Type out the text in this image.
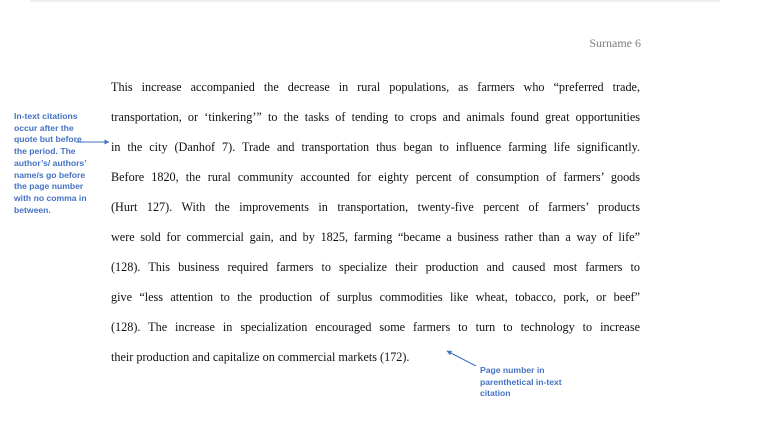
Surname 6
This increase accompanied the decrease in rural populations, as farmers who “preferred trade,
transportation, or ‘tinkering’” to the tasks of tending to crops and animals found great opportunities
in the city (Danhof 7). Trade and transportation thus began to influence farming life significantly.
Before 1820, the rural community accounted for eighty percent of consumption of farmers’ goods
(Hurt 127). With the improvements in transportation, twenty-five percent of farmers’ products
were sold for commercial gain, and by 1825, farming “became a business rather than a way of life”
(128). This business required farmers to specialize their production and caused most farmers to
give “less attention to the production of surplus commodities like wheat, tobacco, pork, or beef”
(128). The increase in specialization encouraged some farmers to turn to technology to increase
their production and capitalize on commercial markets (172).
In-text citations occur after the quote but before the period. The author’s/ authors’ name/s go before the page number with no comma in between.
Page number in parenthetical in-text citation
